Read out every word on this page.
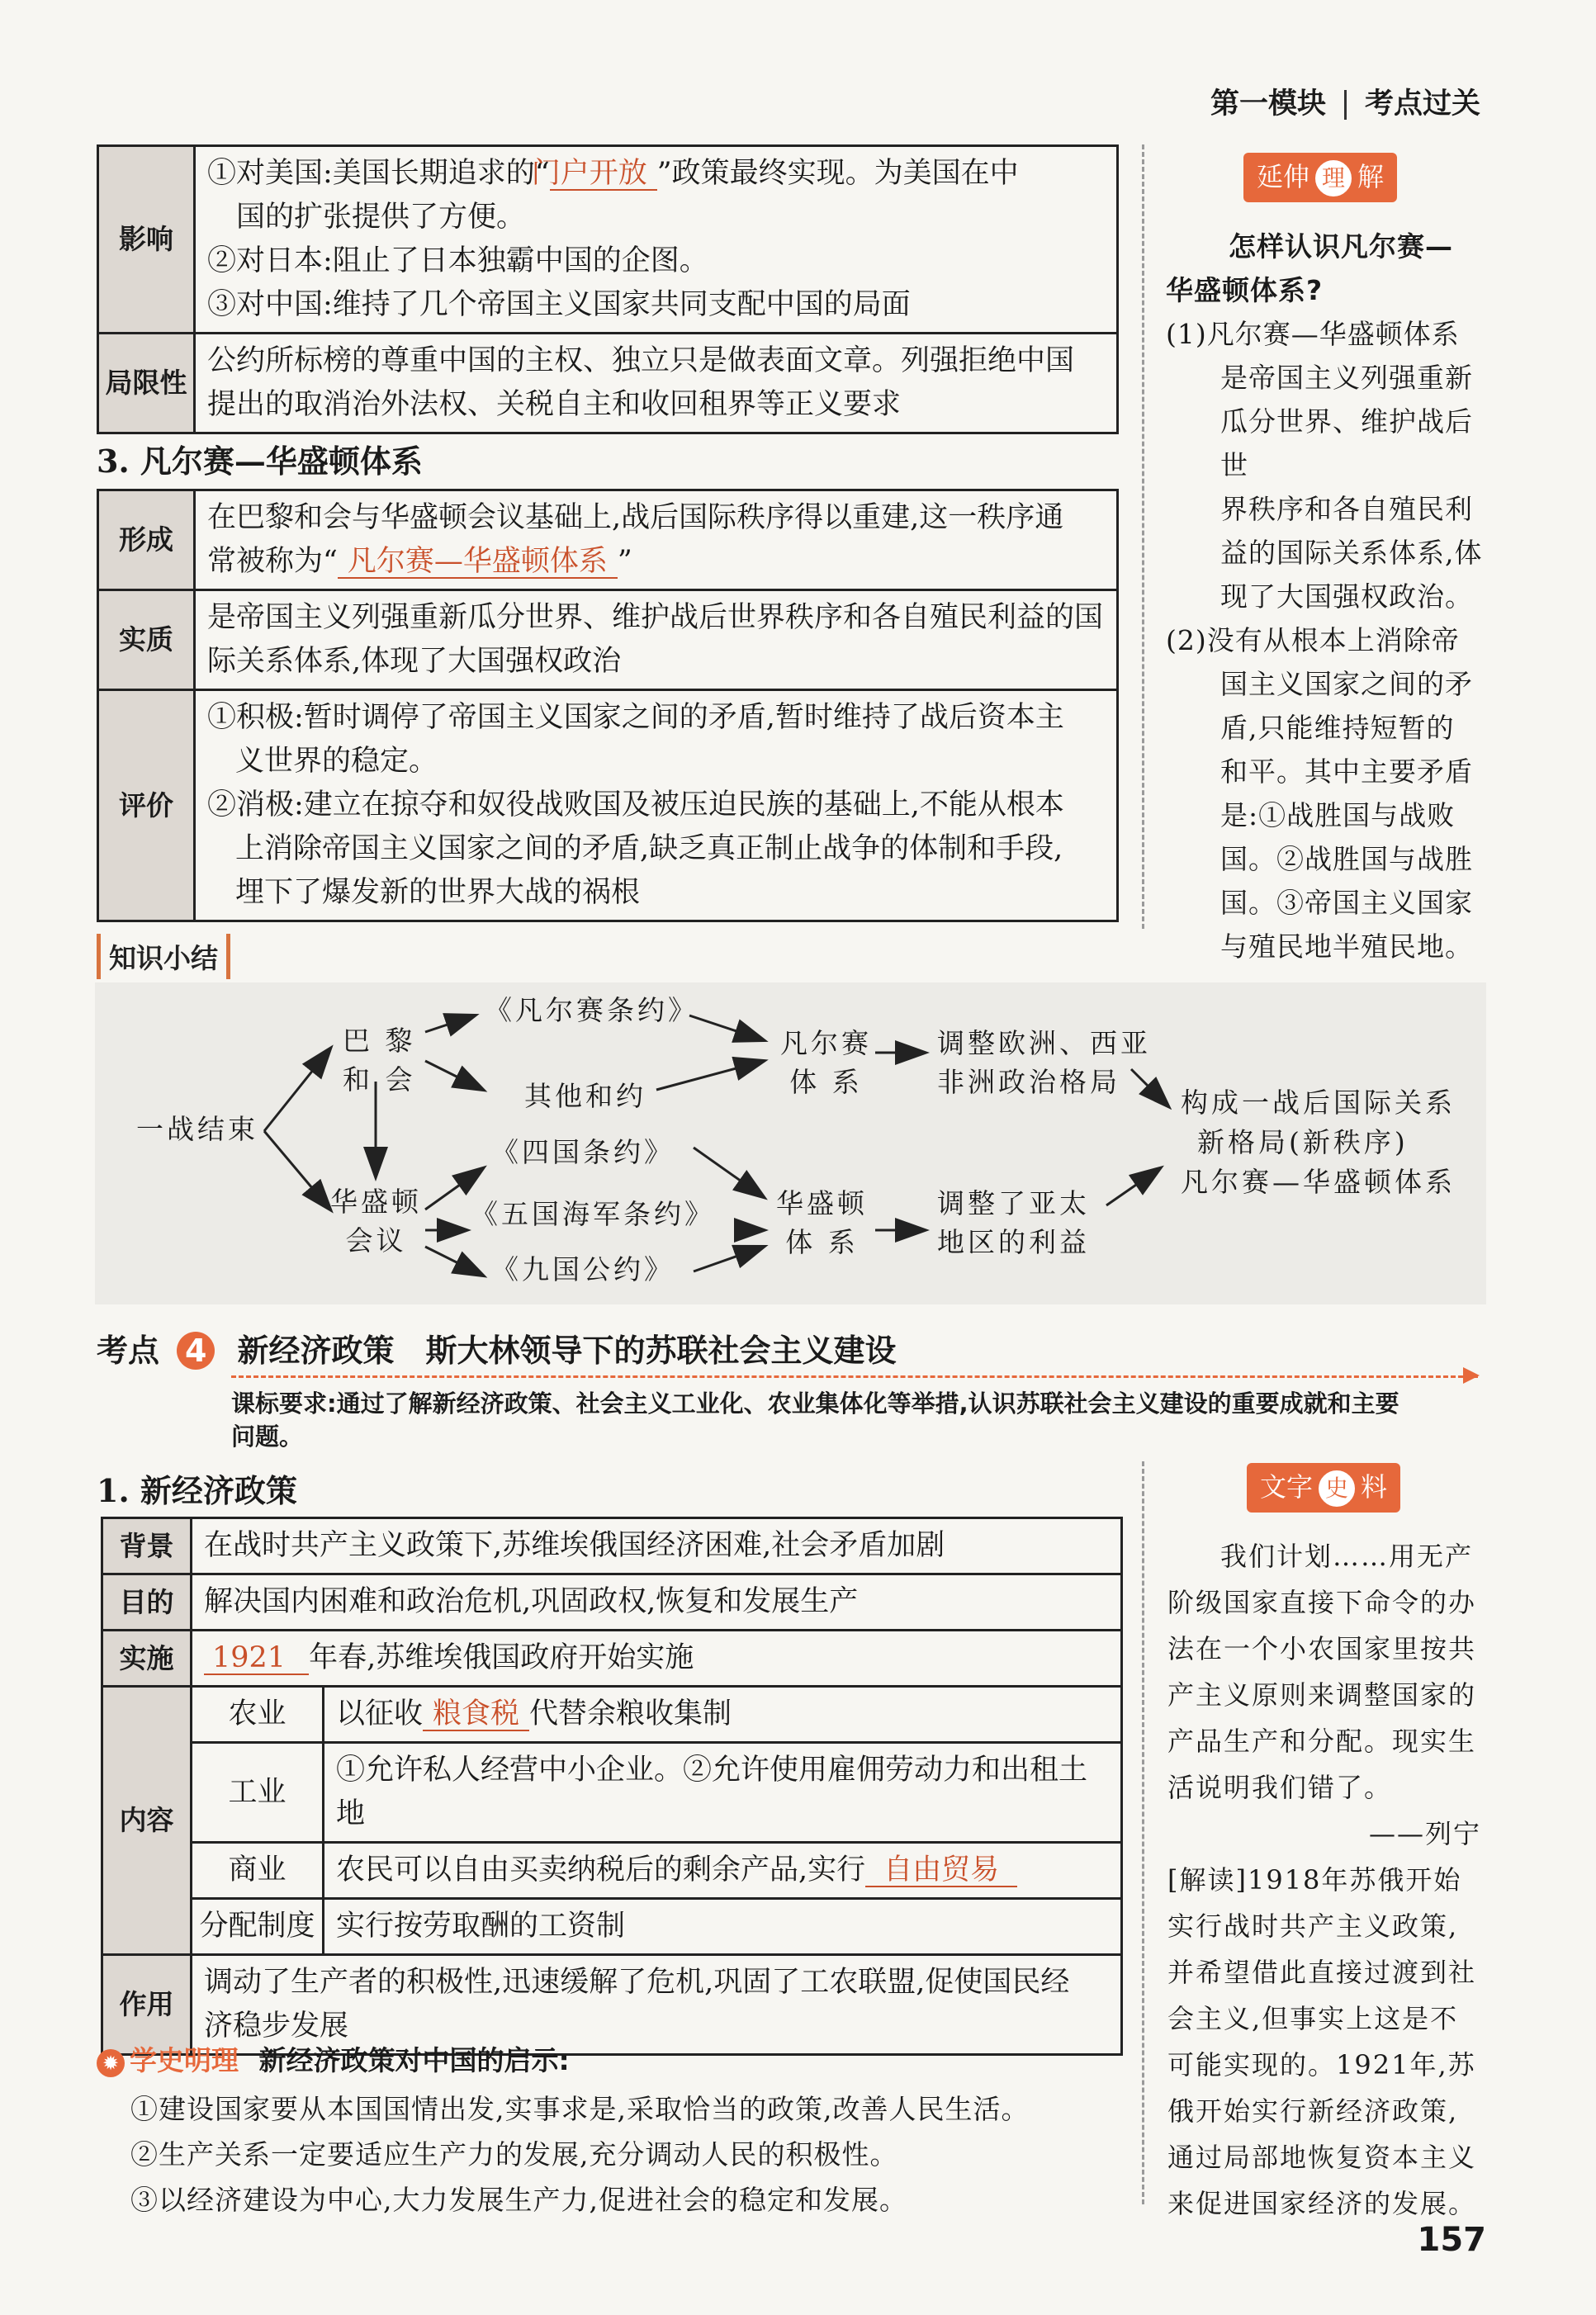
第一模块 考点过关
影响	①对美国:美国长期追求的“门户开放 ”政策最终实现。为美国在中
 国的扩张提供了方便。
②对日本:阻止了日本独霸中国的企图。
③对中国:维持了几个帝国主义国家共同支配中国的局面

局限性	公约所标榜的尊重中国的主权、独立只是做表面文章。列强拒绝中国
提出的取消治外法权、关税自主和收回租界等正义要求
3. 凡尔赛—华盛顿体系
形成	在巴黎和会与华盛顿会议基础上,战后国际秩序得以重建,这一秩序通
常被称为“ 凡尔赛—华盛顿体系 ”

实质	是帝国主义列强重新瓜分世界、维护战后世界秩序和各自殖民利益的国
际关系体系,体现了大国强权政治

评价	①积极:暂时调停了帝国主义国家之间的矛盾,暂时维持了战后资本主
义世界的稳定。
②消极:建立在掠夺和奴役战败国及被压迫民族的基础上,不能从根本
上消除帝国主义国家之间的矛盾,缺乏真正制止战争的体制和手段,
埋下了爆发新的世界大战的祸根
延伸 理 解
怎样认识凡尔赛—
华盛顿体系?
(1)凡尔赛—华盛顿体系
是帝国主义列强重新
瓜分世界、维护战后世
界秩序和各自殖民利
益的国际关系体系,体
现了大国强权政治。
(2)没有从根本上消除帝
国主义国家之间的矛
盾,只能维持短暂的
和平。其中主要矛盾
是:①战胜国与战败
国。②战胜国与战胜
国。③帝国主义国家
与殖民地半殖民地。
知识小结
一战结束
巴 黎
和 会
《凡尔赛条约》
其他和约
凡尔赛
体 系
调整欧洲、西亚
非洲政治格局
华盛顿
会议
《四国条约》
《五国海军条约》
《九国公约》
华盛顿
体 系
调整了亚太
地区的利益
构成一战后国际关系
新格局(新秩序)
凡尔赛—华盛顿体系
考点 4 新经济政策　斯大林领导下的苏联社会主义建设
课标要求:通过了解新经济政策、社会主义工业化、农业集体化等举措,认识苏联社会主义建设的重要成就和主要
问题。
1. 新经济政策
背景	在战时共产主义政策下,苏维埃俄国经济困难,社会矛盾加剧	
目的	解决国内困难和政治危机,巩固政权,恢复和发展生产	
实施	1921 年春,苏维埃俄国政府开始实施	
内容	农业	以征收 粮食税 代替余粮收集制
	工业	①允许私人经营中小企业。②允许使用雇佣劳动力和出租土地
	商业	农民可以自由买卖纳税后的剩余产品,实行 自由贸易
	分配制度	实行按劳取酬的工资制
作用	调动了生产者的积极性,迅速缓解了危机,巩固了工农联盟,促使国民经
济稳步发展	
✹ 学史明理 新经济政策对中国的启示:
①建设国家要从本国国情出发,实事求是,采取恰当的政策,改善人民生活。
②生产关系一定要适应生产力的发展,充分调动人民的积极性。
③以经济建设为中心,大力发展生产力,促进社会的稳定和发展。
文字 史 料
我们计划……用无产
阶级国家直接下命令的办
法在一个小农国家里按共
产主义原则来调整国家的
产品生产和分配。现实生
活说明我们错了。
——列宁
[解读]1918年苏俄开始
实行战时共产主义政策,
并希望借此直接过渡到社
会主义,但事实上这是不
可能实现的。1921年,苏
俄开始实行新经济政策,
通过局部地恢复资本主义
来促进国家经济的发展。
157
